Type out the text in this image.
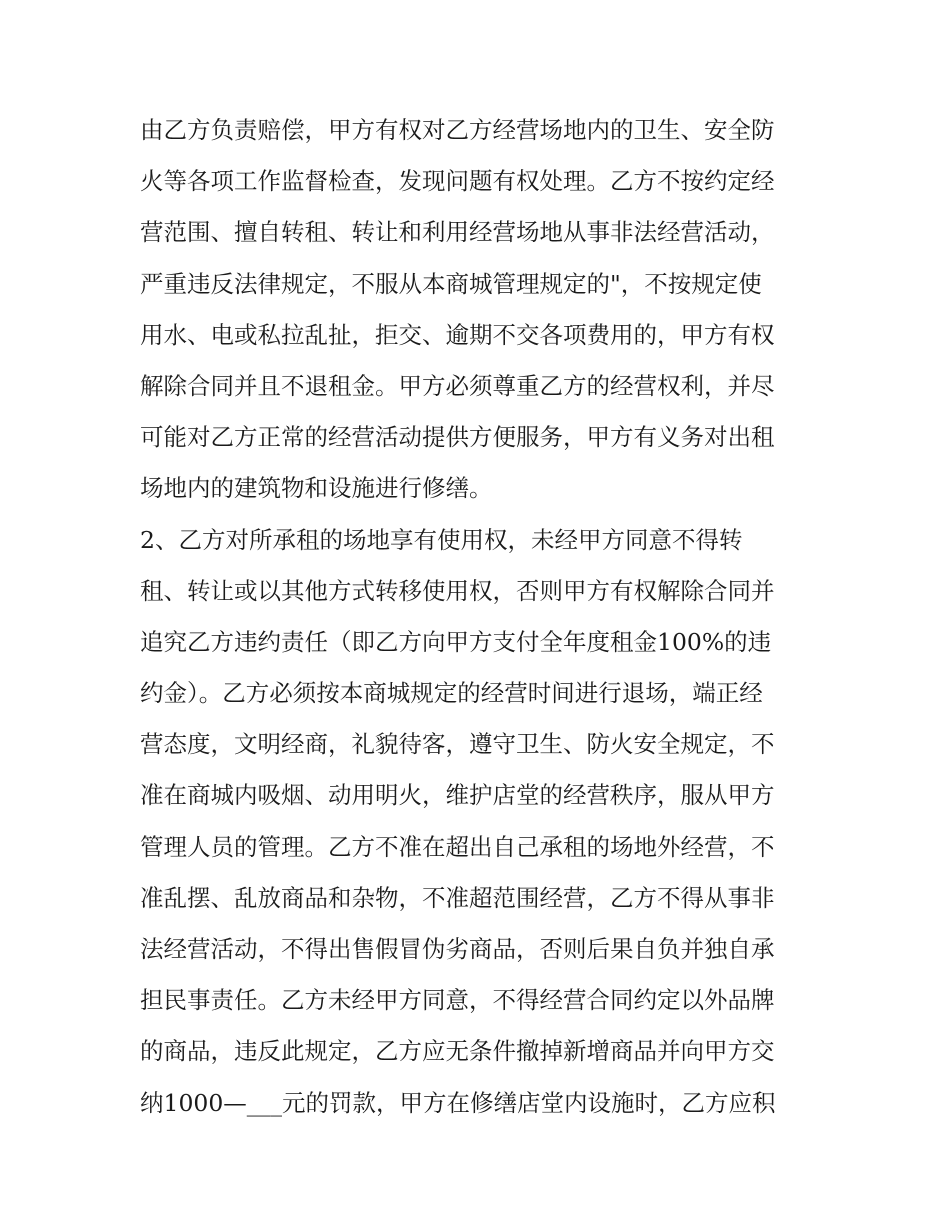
由乙方负责赔偿，甲方有权对乙方经营场地内的卫生、安全防
火等各项工作监督检查，发现问题有权处理。乙方不按约定经
营范围、擅自转租、转让和利用经营场地从事非法经营活动，
严重违反法律规定，不服从本商城管理规定的"，不按规定使
用水、电或私拉乱扯，拒交、逾期不交各项费用的，甲方有权
解除合同并且不退租金。甲方必须尊重乙方的经营权利，并尽
可能对乙方正常的经营活动提供方便服务，甲方有义务对出租
场地内的建筑物和设施进行修缮。
2、乙方对所承租的场地享有使用权，未经甲方同意不得转
租、转让或以其他方式转移使用权，否则甲方有权解除合同并
追究乙方违约责任（即乙方向甲方支付全年度租金100%的违
约金）。乙方必须按本商城规定的经营时间进行退场，端正经
营态度，文明经商，礼貌待客，遵守卫生、防火安全规定，不
准在商城内吸烟、动用明火，维护店堂的经营秩序，服从甲方
管理人员的管理。乙方不准在超出自己承租的场地外经营，不
准乱摆、乱放商品和杂物，不准超范围经营，乙方不得从事非
法经营活动，不得出售假冒伪劣商品，否则后果自负并独自承
担民事责任。乙方未经甲方同意，不得经营合同约定以外品牌
的商品，违反此规定，乙方应无条件撤掉新增商品并向甲方交
纳1000—___元的罚款，甲方在修缮店堂内设施时，乙方应积
